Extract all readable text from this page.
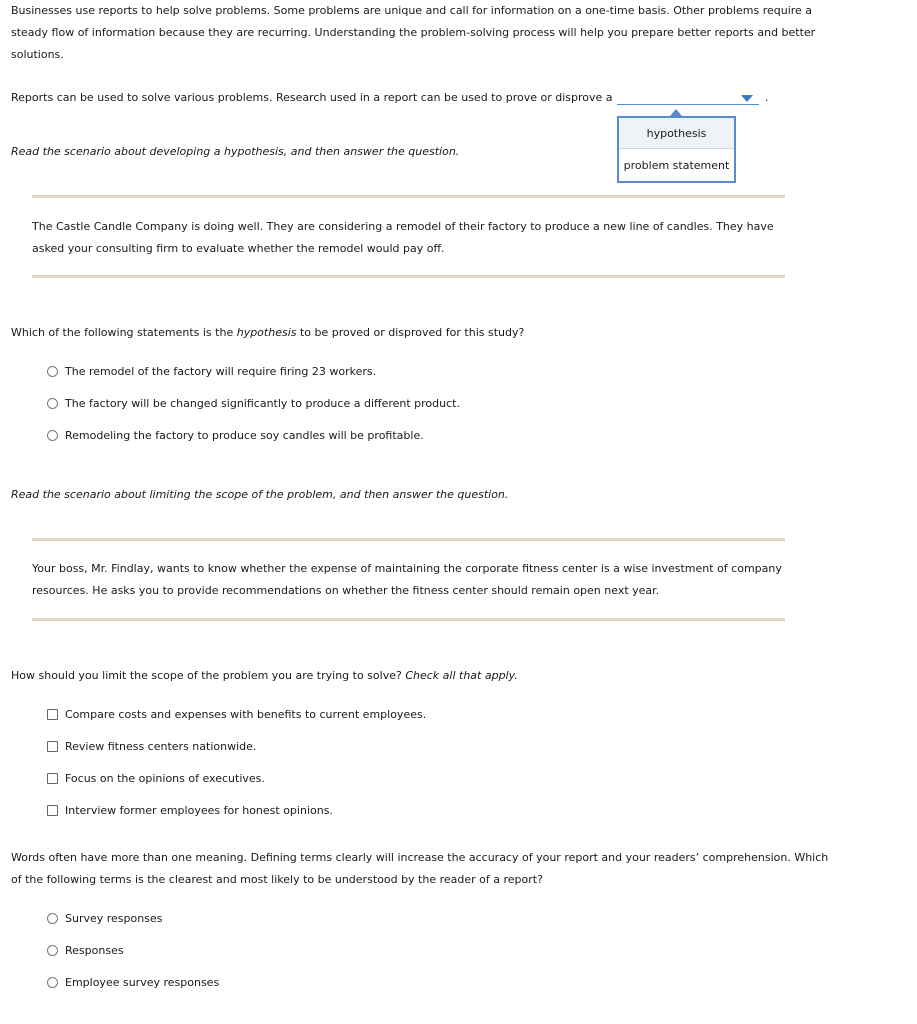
Businesses use reports to help solve problems. Some problems are unique and call for information on a one-time basis. Other problems require a steady flow of information because they are recurring. Understanding the problem-solving process will help you prepare better reports and better solutions.

Reports can be used to solve various problems. Research used in a report can be used to prove or disprove a	.
hypothesis
problem statement

Read the scenario about developing a hypothesis, and then answer the question.

The Castle Candle Company is doing well. They are considering a remodel of their factory to produce a new line of candles. They have asked your consulting firm to evaluate whether the remodel would pay off.

Which of the following statements is the hypothesis to be proved or disproved for this study?

The remodel of the factory will require firing 23 workers.
The factory will be changed significantly to produce a different product.
Remodeling the factory to produce soy candles will be profitable.

Read the scenario about limiting the scope of the problem, and then answer the question.

Your boss, Mr. Findlay, wants to know whether the expense of maintaining the corporate fitness center is a wise investment of company resources. He asks you to provide recommendations on whether the fitness center should remain open next year.

How should you limit the scope of the problem you are trying to solve? Check all that apply.

Compare costs and expenses with benefits to current employees.
Review fitness centers nationwide.
Focus on the opinions of executives.
Interview former employees for honest opinions.

Words often have more than one meaning. Defining terms clearly will increase the accuracy of your report and your readers’ comprehension. Which of the following terms is the clearest and most likely to be understood by the reader of a report?

Survey responses
Responses
Employee survey responses
